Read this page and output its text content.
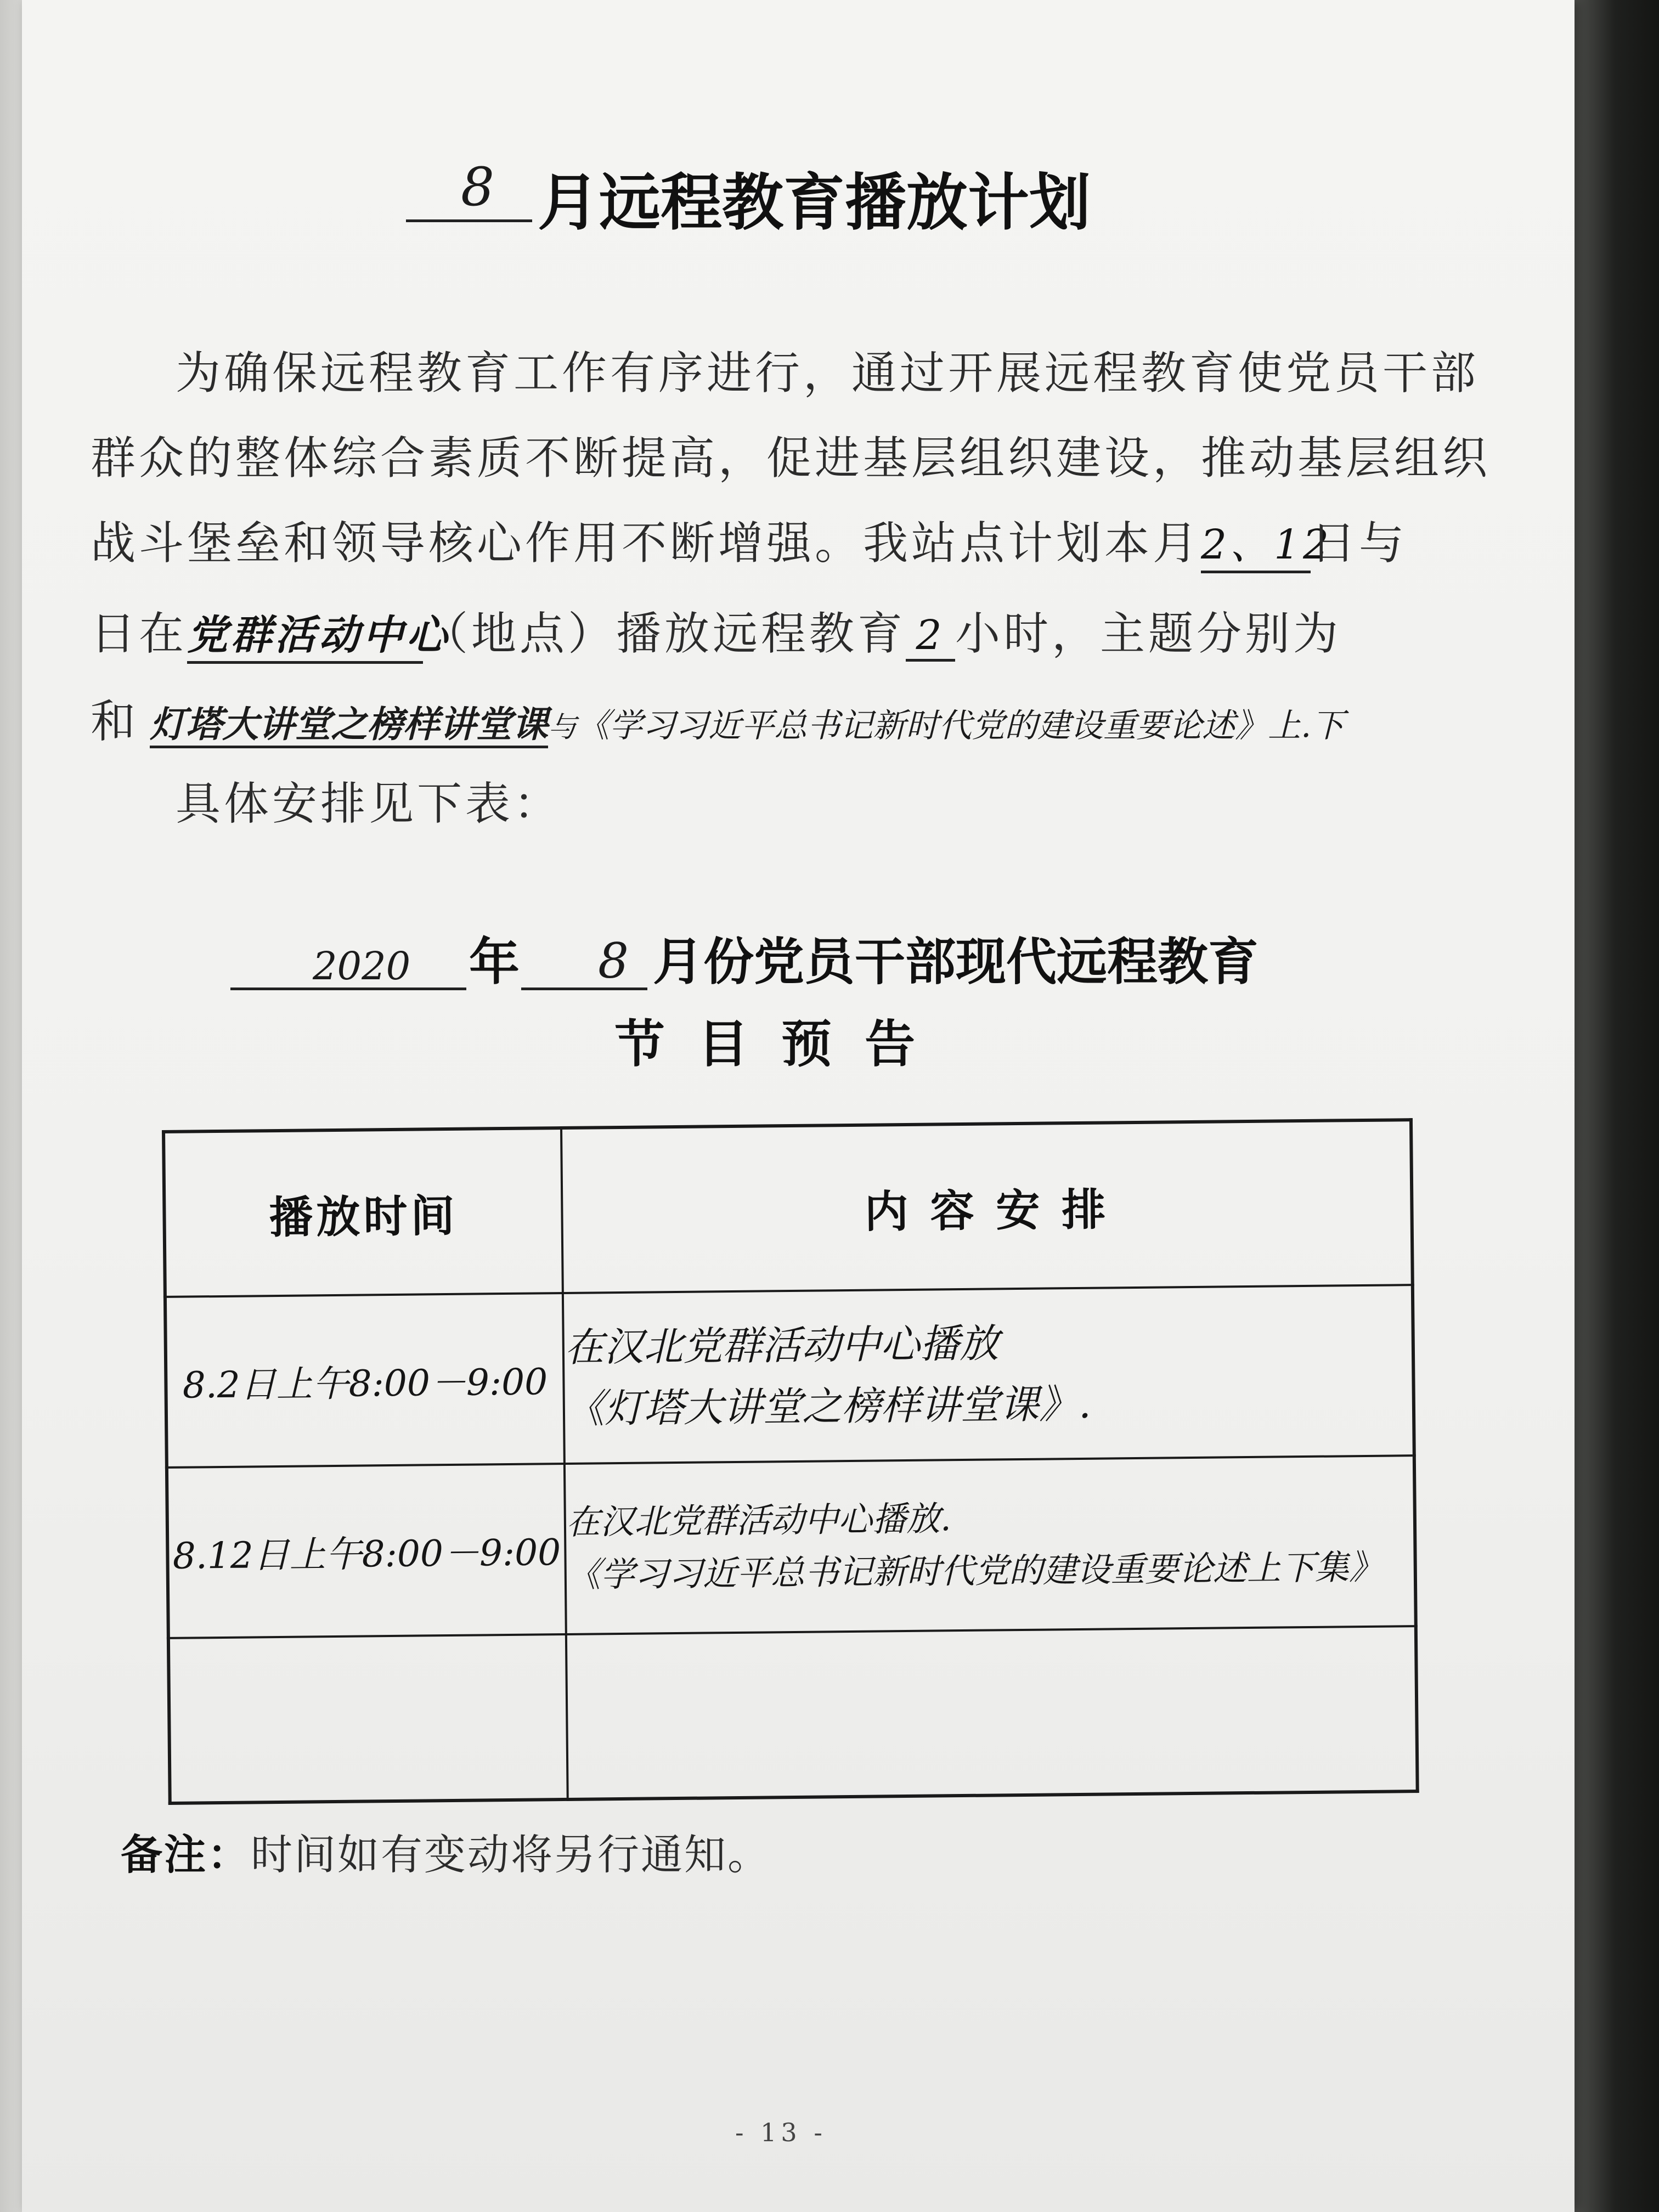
8 月远程教育播放计划
为确保远程教育工作有序进行，通过开展远程教育使党员干部
群众的整体综合素质不断提高，促进基层组织建设，推动基层组织
战斗堡垒和领导核心作用不断增强。我站点计划本月2、12日与
日在党群活动中心（地点）播放远程教育 2 小时，主题分别为
和 灯塔大讲堂之榜样讲堂课与《学习习近平总书记新时代党的建设重要论述》上.下
具体安排见下表：
2020 年 8 月份党员干部现代远程教育
节 目 预 告
播放时间	内 容 安 排
8.2日上午8:00－9:00	在汉北党群活动中心播放
《灯塔大讲堂之榜样讲堂课》.

8.12日上午8:00－9:00	在汉北党群活动中心播放.
《学习习近平总书记新时代党的建设重要论述上下集》

备注：时间如有变动将另行通知。
- 13 -
